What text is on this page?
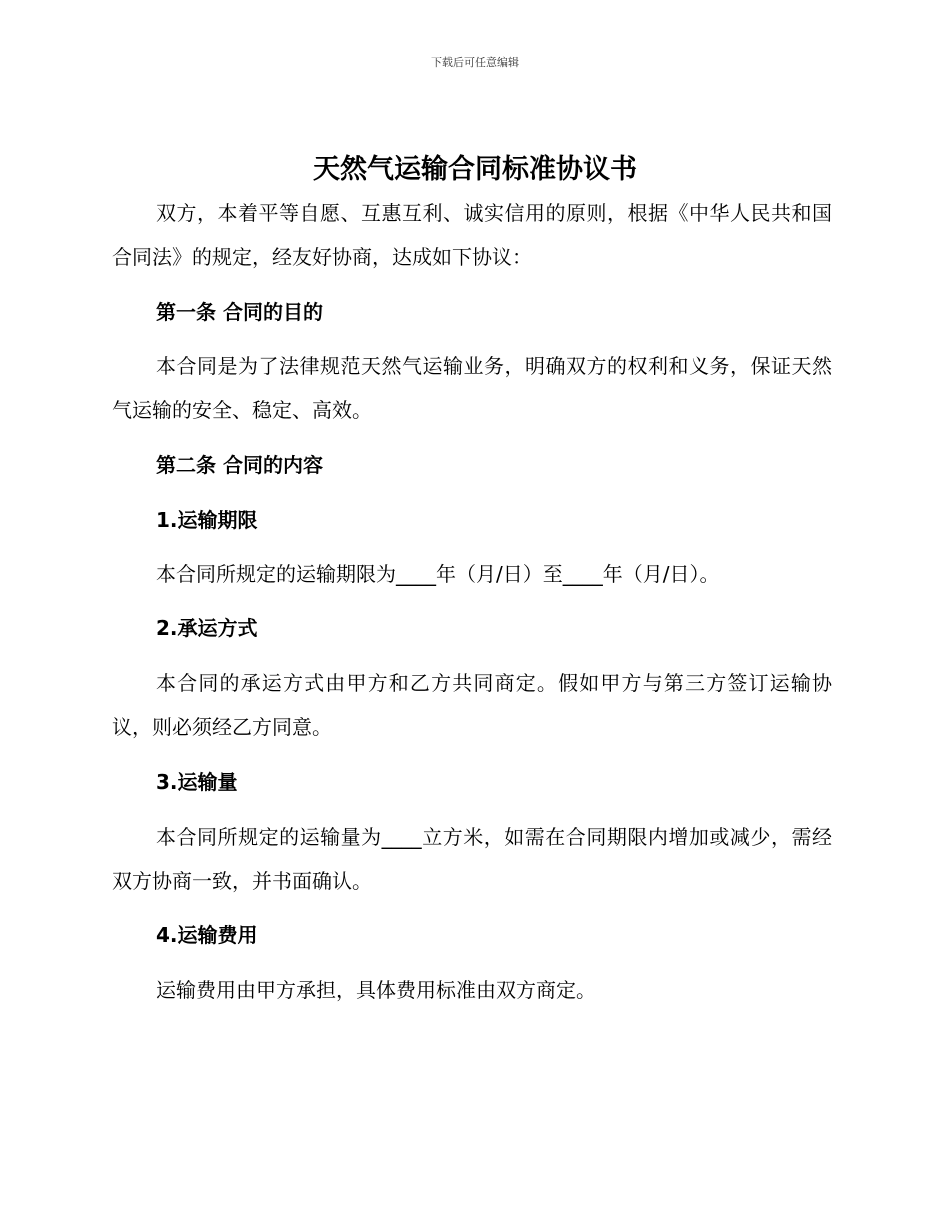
下载后可任意编辑
天然气运输合同标准协议书
双方，本着平等自愿、互惠互利、诚实信用的原则，根据《中华人民共和国合同法》的规定，经友好协商，达成如下协议：
第一条 合同的目的
本合同是为了法律规范天然气运输业务，明确双方的权利和义务，保证天然气运输的安全、稳定、高效。
第二条 合同的内容
1.运输期限
本合同所规定的运输期限为____年（月/日）至____年（月/日）。
2.承运方式
本合同的承运方式由甲方和乙方共同商定。假如甲方与第三方签订运输协议，则必须经乙方同意。
3.运输量
本合同所规定的运输量为____立方米，如需在合同期限内增加或减少，需经双方协商一致，并书面确认。
4.运输费用
运输费用由甲方承担，具体费用标准由双方商定。
